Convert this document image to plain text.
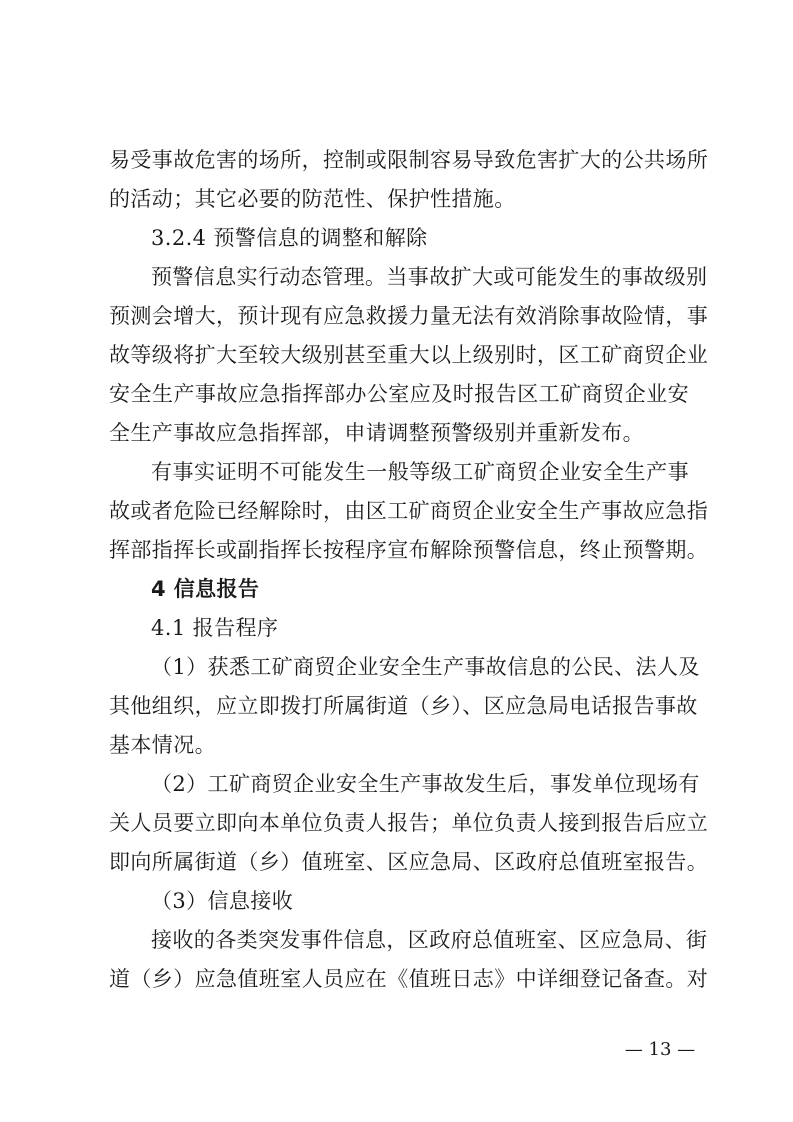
易受事故危害的场所，控制或限制容易导致危害扩大的公共场所
的活动；其它必要的防范性、保护性措施。
3.2.4 预警信息的调整和解除
预警信息实行动态管理。当事故扩大或可能发生的事故级别
预测会增大，预计现有应急救援力量无法有效消除事故险情，事
故等级将扩大至较大级别甚至重大以上级别时，区工矿商贸企业
安全生产事故应急指挥部办公室应及时报告区工矿商贸企业安
全生产事故应急指挥部，申请调整预警级别并重新发布。
有事实证明不可能发生一般等级工矿商贸企业安全生产事
故或者危险已经解除时，由区工矿商贸企业安全生产事故应急指
挥部指挥长或副指挥长按程序宣布解除预警信息，终止预警期。
4 信息报告
4.1 报告程序
（1）获悉工矿商贸企业安全生产事故信息的公民、法人及
其他组织，应立即拨打所属街道（乡）、区应急局电话报告事故
基本情况。
（2）工矿商贸企业安全生产事故发生后，事发单位现场有
关人员要立即向本单位负责人报告；单位负责人接到报告后应立
即向所属街道（乡）值班室、区应急局、区政府总值班室报告。
（3）信息接收
接收的各类突发事件信息，区政府总值班室、区应急局、街
道（乡）应急值班室人员应在《值班日志》中详细登记备查。对
— 13 —
